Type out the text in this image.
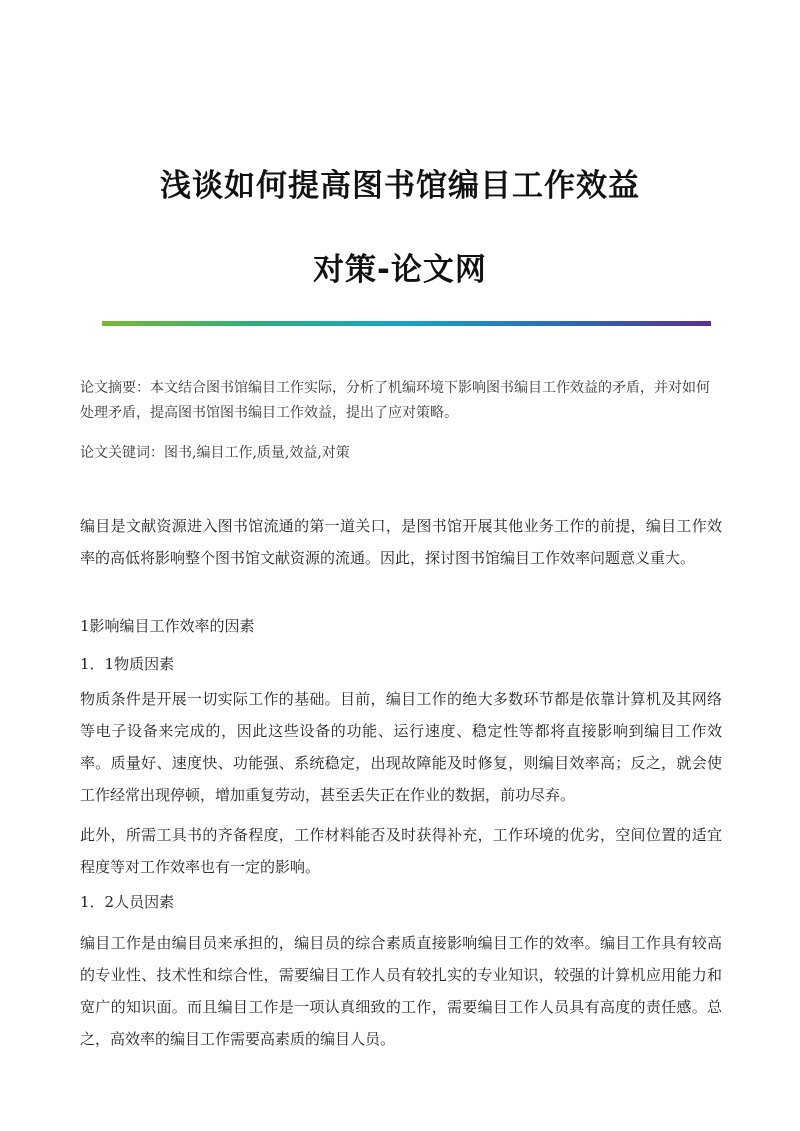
浅谈如何提高图书馆编目工作效益
对策-论文网

论文摘要：本文结合图书馆编目工作实际，分析了机编环境下影响图书编目工作效益的矛盾，并对如何处理矛盾，提高图书馆图书编目工作效益，提出了应对策略。

论文关键词：图书,编目工作,质量,效益,对策

编目是文献资源进入图书馆流通的第一道关口，是图书馆开展其他业务工作的前提，编目工作效率的高低将影响整个图书馆文献资源的流通。因此，探讨图书馆编目工作效率问题意义重大。

1影响编目工作效率的因素

1．1物质因素

物质条件是开展一切实际工作的基础。目前，编目工作的绝大多数环节都是依靠计算机及其网络等电子设备来完成的，因此这些设备的功能、运行速度、稳定性等都将直接影响到编目工作效率。质量好、速度快、功能强、系统稳定，出现故障能及时修复，则编目效率高；反之，就会使工作经常出现停顿，增加重复劳动，甚至丢失正在作业的数据，前功尽弃。

此外，所需工具书的齐备程度，工作材料能否及时获得补充，工作环境的优劣，空间位置的适宜程度等对工作效率也有一定的影响。

1．2人员因素

编目工作是由编目员来承担的，编目员的综合素质直接影响编目工作的效率。编目工作具有较高的专业性、技术性和综合性，需要编目工作人员有较扎实的专业知识，较强的计算机应用能力和宽广的知识面。而且编目工作是一项认真细致的工作，需要编目工作人员具有高度的责任感。总之，高效率的编目工作需要高素质的编目人员。
